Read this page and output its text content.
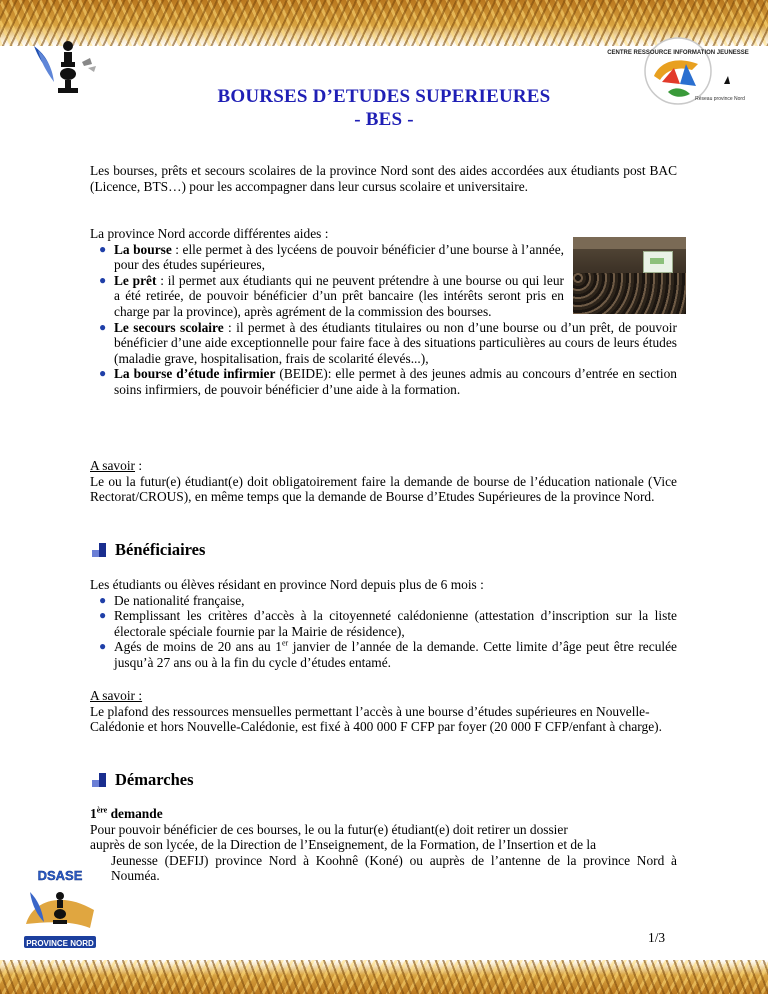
CENTRE RESSOURCE INFORMATION JEUNESSE
Réseau province Nord
BOURSES D’ETUDES SUPERIEURES
- BES -
Les bourses, prêts et secours scolaires de la province Nord sont des aides accordées aux étudiants post BAC (Licence, BTS…) pour les accompagner dans leur cursus scolaire et universitaire.

La province Nord accorde différentes aides :

● La bourse : elle permet à des lycéens de pouvoir bénéficier d’une bourse à l’année, pour des études supérieures,
● Le prêt : il permet aux étudiants qui ne peuvent prétendre à une bourse ou qui leur a été retirée, de pouvoir bénéficier d’un prêt bancaire (les intérêts seront pris en charge par la province), après agrément de la commission des bourses.
● Le secours scolaire : il permet à des étudiants titulaires ou non d’une bourse ou d’un prêt, de pouvoir bénéficier d’une aide exceptionnelle pour faire face à des situations particulières au cours de leurs études (maladie grave, hospitalisation, frais de scolarité élevés...),
● La bourse d’étude infirmier (BEIDE): elle permet à des jeunes admis au concours d’entrée en section soins infirmiers, de pouvoir bénéficier d’une aide à la formation.

A savoir :

Le ou la futur(e) étudiant(e) doit obligatoirement faire la demande de bourse de l’éducation nationale (Vice Rectorat/CROUS), en même temps que la demande de Bourse d’Etudes Supérieures de la province Nord.

Bénéficiaires

Les étudiants ou élèves résidant en province Nord depuis plus de 6 mois :

● De nationalité française,
● Remplissant les critères d’accès à la citoyenneté calédonienne (attestation d’inscription sur la liste électorale spéciale fournie par la Mairie de résidence),
● Agés de moins de 20 ans au 1er janvier de l’année de la demande. Cette limite d’âge peut être reculée jusqu’à 27 ans ou à la fin du cycle d’études entamé.

A savoir :

Le plafond des ressources mensuelles permettant l’accès à une bourse d’études supérieures en Nouvelle-Calédonie et hors Nouvelle-Calédonie, est fixé à 400 000 F CFP par foyer (20 000 F CFP/enfant à charge).

Démarches

1ère demande

Pour pouvoir bénéficier de ces bourses, le ou la futur(e) étudiant(e) doit retirer un dossier

auprès de son lycée, de la Direction de l’Enseignement, de la Formation, de l’Insertion et de la

Jeunesse (DEFIJ) province Nord à Koohnê (Koné) ou auprès de l’antenne de la province Nord à Nouméa.

DSASE
PROVINCE NORD	1/3
